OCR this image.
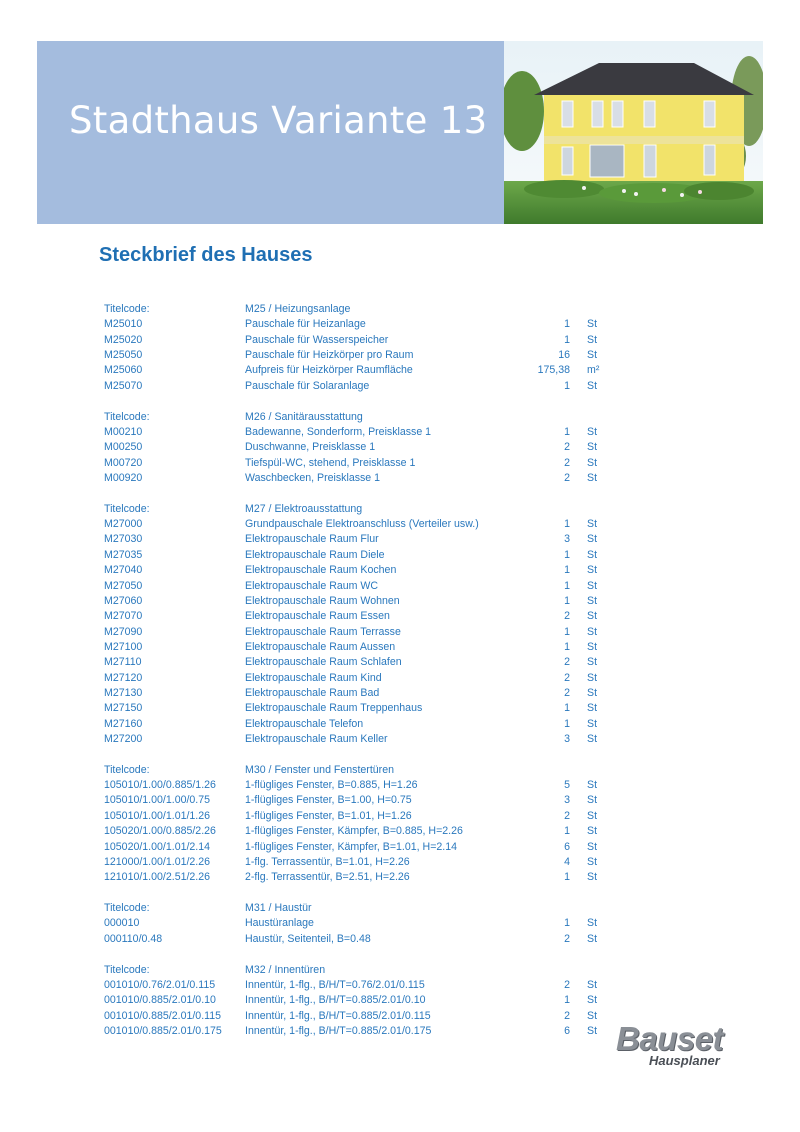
Stadthaus Variante 13
Steckbrief des Hauses
Titelcode:	M25 / Heizungsanlage
M25010	Pauschale für Heizanlage	1 St
M25020	Pauschale für Wasserspeicher	1 St
M25050	Pauschale für Heizkörper pro Raum	16 St
M25060	Aufpreis für Heizkörper Raumfläche	175,38 m²
M25070	Pauschale für Solaranlage	1 St
Titelcode:	M26 / Sanitärausstattung
M00210	Badewanne, Sonderform, Preisklasse 1	1 St
M00250	Duschwanne, Preisklasse 1	2 St
M00720	Tiefspül-WC, stehend, Preisklasse 1	2 St
M00920	Waschbecken, Preisklasse 1	2 St
Titelcode:	M27 / Elektroausstattung
M27000	Grundpauschale Elektroanschluss (Verteiler usw.)	1 St
M27030	Elektropauschale Raum Flur	3 St
M27035	Elektropauschale Raum Diele	1 St
M27040	Elektropauschale Raum Kochen	1 St
M27050	Elektropauschale Raum WC	1 St
M27060	Elektropauschale Raum Wohnen	1 St
M27070	Elektropauschale Raum Essen	2 St
M27090	Elektropauschale Raum Terrasse	1 St
M27100	Elektropauschale Raum Aussen	1 St
M27110	Elektropauschale Raum Schlafen	2 St
M27120	Elektropauschale Raum Kind	2 St
M27130	Elektropauschale Raum Bad	2 St
M27150	Elektropauschale Raum Treppenhaus	1 St
M27160	Elektropauschale Telefon	1 St
M27200	Elektropauschale Raum Keller	3 St
Titelcode:	M30 / Fenster und Fenstertüren
105010/1.00/0.885/1.26	1-flügliges Fenster, B=0.885, H=1.26	5 St
105010/1.00/1.00/0.75	1-flügliges Fenster, B=1.00, H=0.75	3 St
105010/1.00/1.01/1.26	1-flügliges Fenster, B=1.01, H=1.26	2 St
105020/1.00/0.885/2.26	1-flügliges Fenster, Kämpfer, B=0.885, H=2.26	1 St
105020/1.00/1.01/2.14	1-flügliges Fenster, Kämpfer, B=1.01, H=2.14	6 St
121000/1.00/1.01/2.26	1-flg. Terrassentür, B=1.01, H=2.26	4 St
121010/1.00/2.51/2.26	2-flg. Terrassentür, B=2.51, H=2.26	1 St
Titelcode:	M31 / Haustür
000010	Haustüranlage	1 St
000110/0.48	Haustür, Seitenteil, B=0.48	2 St
Titelcode:	M32 / Innentüren
001010/0.76/2.01/0.115	Innentür, 1-flg., B/H/T=0.76/2.01/0.115	2 St
001010/0.885/2.01/0.10	Innentür, 1-flg., B/H/T=0.885/2.01/0.10	1 St
001010/0.885/2.01/0.115 Innentür, 1-flg., B/H/T=0.885/2.01/0.115	2 St
001010/0.885/2.01/0.175 Innentür, 1-flg., B/H/T=0.885/2.01/0.175	6 St Bauset
Hausplaner
